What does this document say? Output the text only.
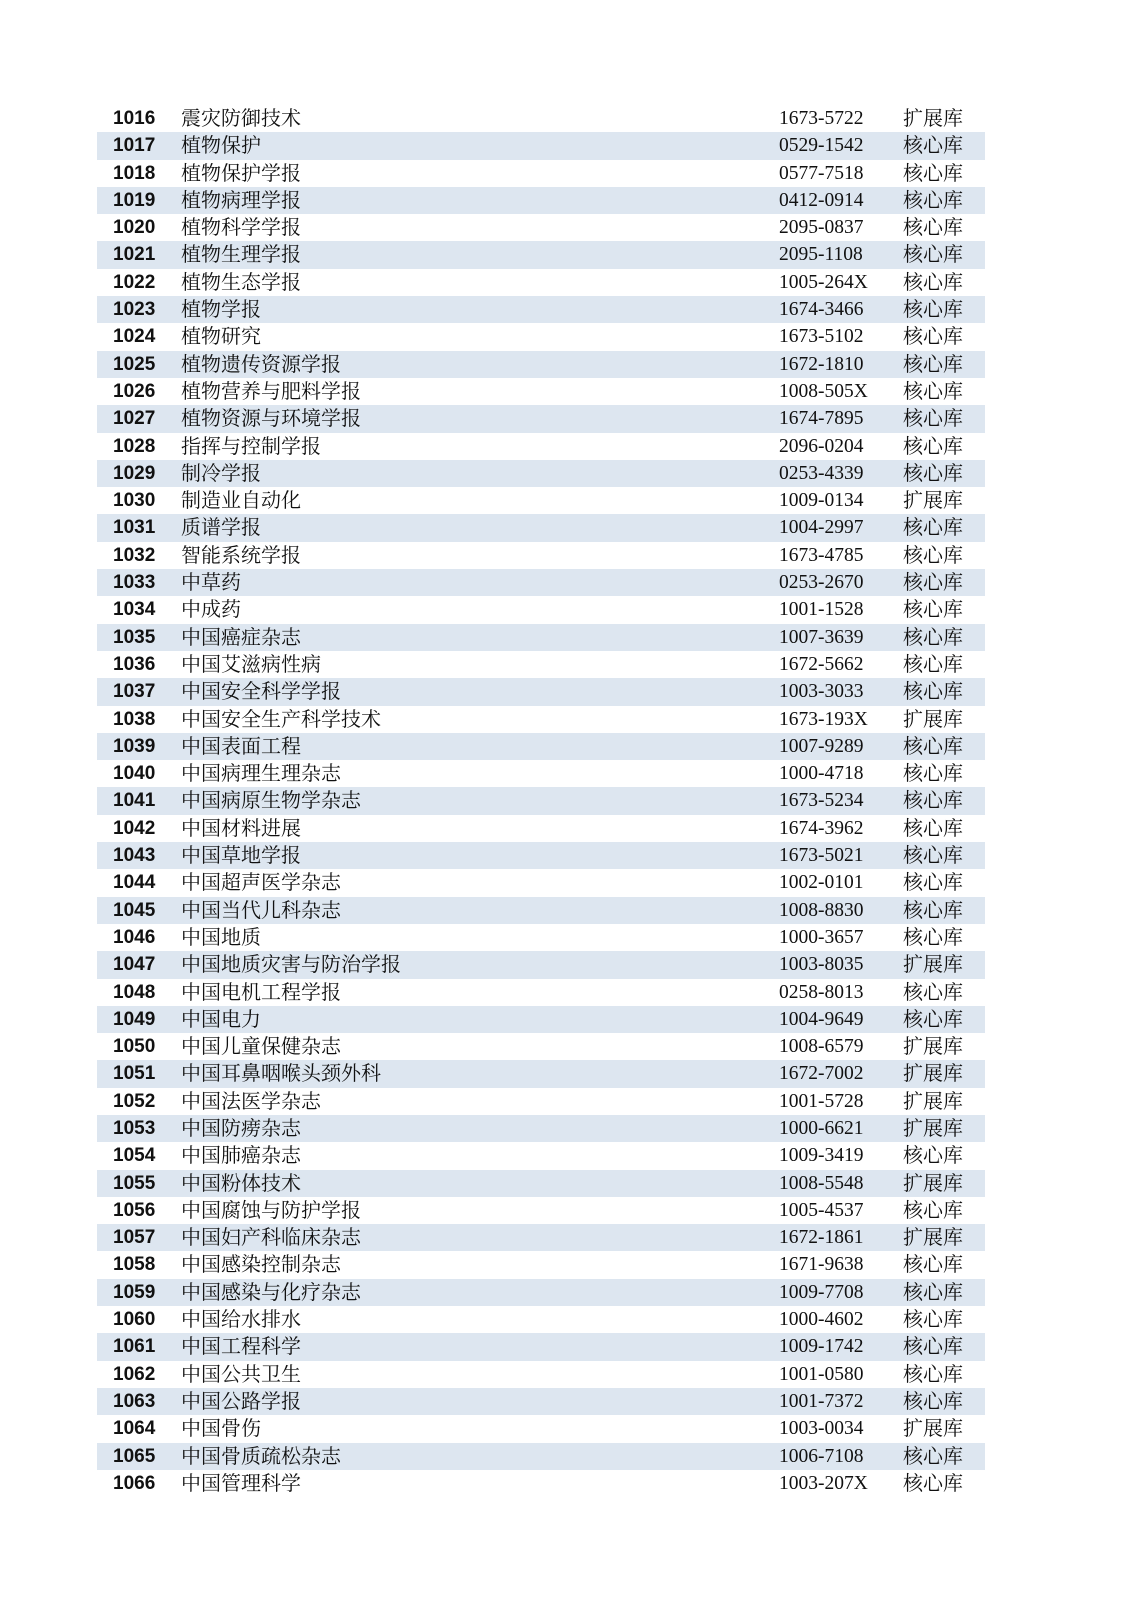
1016 震灾防御技术	1673-5722 扩展库
1017 植物保护	0529-1542 核心库
1018 植物保护学报	0577-7518 核心库
1019 植物病理学报	0412-0914 核心库
1020 植物科学学报	2095-0837 核心库
1021 植物生理学报	2095-1108 核心库
1022 植物生态学报	1005-264X 核心库
1023 植物学报	1674-3466 核心库
1024 植物研究	1673-5102 核心库
1025 植物遗传资源学报	1672-1810 核心库
1026 植物营养与肥料学报	1008-505X 核心库
1027 植物资源与环境学报	1674-7895 核心库
1028 指挥与控制学报	2096-0204 核心库
1029 制冷学报	0253-4339 核心库
1030 制造业自动化	1009-0134 扩展库
1031 质谱学报	1004-2997 核心库
1032 智能系统学报	1673-4785 核心库
1033 中草药	0253-2670 核心库
1034 中成药	1001-1528 核心库
1035 中国癌症杂志	1007-3639 核心库
1036 中国艾滋病性病	1672-5662 核心库
1037 中国安全科学学报	1003-3033 核心库
1038 中国安全生产科学技术	1673-193X 扩展库
1039 中国表面工程	1007-9289 核心库
1040 中国病理生理杂志	1000-4718 核心库
1041 中国病原生物学杂志	1673-5234 核心库
1042 中国材料进展	1674-3962 核心库
1043 中国草地学报	1673-5021 核心库
1044 中国超声医学杂志	1002-0101 核心库
1045 中国当代儿科杂志	1008-8830 核心库
1046 中国地质	1000-3657 核心库
1047 中国地质灾害与防治学报	1003-8035 扩展库
1048 中国电机工程学报	0258-8013 核心库
1049 中国电力	1004-9649 核心库
1050 中国儿童保健杂志	1008-6579 扩展库
1051 中国耳鼻咽喉头颈外科	1672-7002 扩展库
1052 中国法医学杂志	1001-5728 扩展库
1053 中国防痨杂志	1000-6621 扩展库
1054 中国肺癌杂志	1009-3419 核心库
1055 中国粉体技术	1008-5548 扩展库
1056 中国腐蚀与防护学报	1005-4537 核心库
1057 中国妇产科临床杂志	1672-1861 扩展库
1058 中国感染控制杂志	1671-9638 核心库
1059 中国感染与化疗杂志	1009-7708 核心库
1060 中国给水排水	1000-4602 核心库
1061 中国工程科学	1009-1742 核心库
1062 中国公共卫生	1001-0580 核心库
1063 中国公路学报	1001-7372 核心库
1064 中国骨伤	1003-0034 扩展库
1065 中国骨质疏松杂志	1006-7108 核心库
1066 中国管理科学	1003-207X 核心库
